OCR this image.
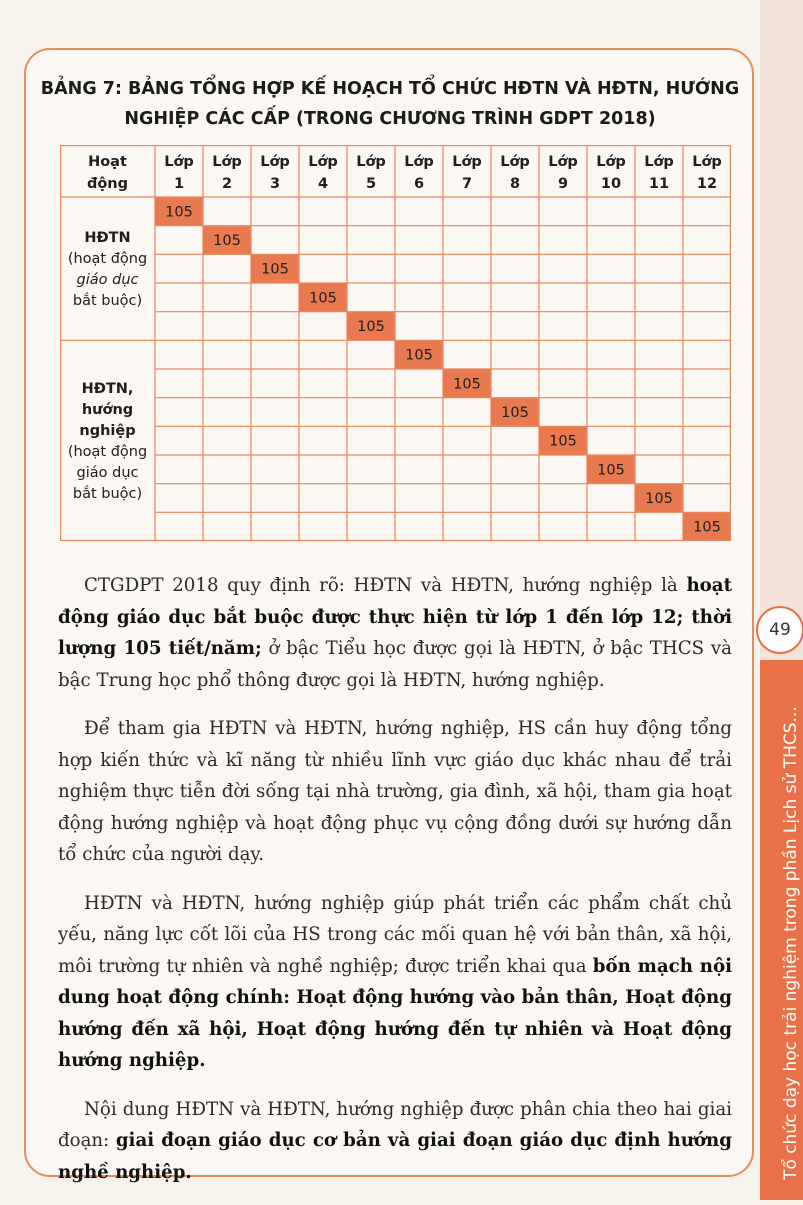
BẢNG 7: BẢNG TỔNG HỢP KẾ HOẠCH TỔ CHỨC HĐTN VÀ HĐTN, HƯỚNG
NGHIỆP CÁC CẤP (TRONG CHƯƠNG TRÌNH GDPT 2018)
105
105
105
105
105
105
105
105
105
105
105
105
Hoạt
động
Lớp
1
Lớp
2
Lớp
3
Lớp
4
Lớp
5
Lớp
6
Lớp
7
Lớp
8
Lớp
9
Lớp
10
Lớp
11
Lớp
12
HĐTN
(hoạt động
giáo dục
bắt buộc)
HĐTN,
hướng
nghiệp
(hoạt động
giáo dục
bắt buộc)

CTGDPT 2018 quy định rõ: HĐTN và HĐTN, hướng nghiệp là hoạt động giáo dục bắt buộc được thực hiện từ lớp 1 đến lớp 12; thời lượng 105 tiết/năm; ở bậc Tiểu học được gọi là HĐTN, ở bậc THCS và bậc Trung học phổ thông được gọi là HĐTN, hướng nghiệp.

Để tham gia HĐTN và HĐTN, hướng nghiệp, HS cần huy động tổng hợp kiến thức và kĩ năng từ nhiều lĩnh vực giáo dục khác nhau để trải nghiệm thực tiễn đời sống tại nhà trường, gia đình, xã hội, tham gia hoạt động hướng nghiệp và hoạt động phục vụ cộng đồng dưới sự hướng dẫn tổ chức của người dạy.

HĐTN và HĐTN, hướng nghiệp giúp phát triển các phẩm chất chủ yếu, năng lực cốt lõi của HS trong các mối quan hệ với bản thân, xã hội, môi trường tự nhiên và nghề nghiệp; được triển khai qua bốn mạch nội dung hoạt động chính: Hoạt động hướng vào bản thân, Hoạt động hướng đến xã hội, Hoạt động hướng đến tự nhiên và Hoạt động hướng nghiệp.

Nội dung HĐTN và HĐTN, hướng nghiệp được phân chia theo hai giai đoạn: giai đoạn giáo dục cơ bản và giai đoạn giáo dục định hướng nghề nghiệp.	Tổ chức dạy học trải nghiệm trong phần Lịch sử THCS...
49
